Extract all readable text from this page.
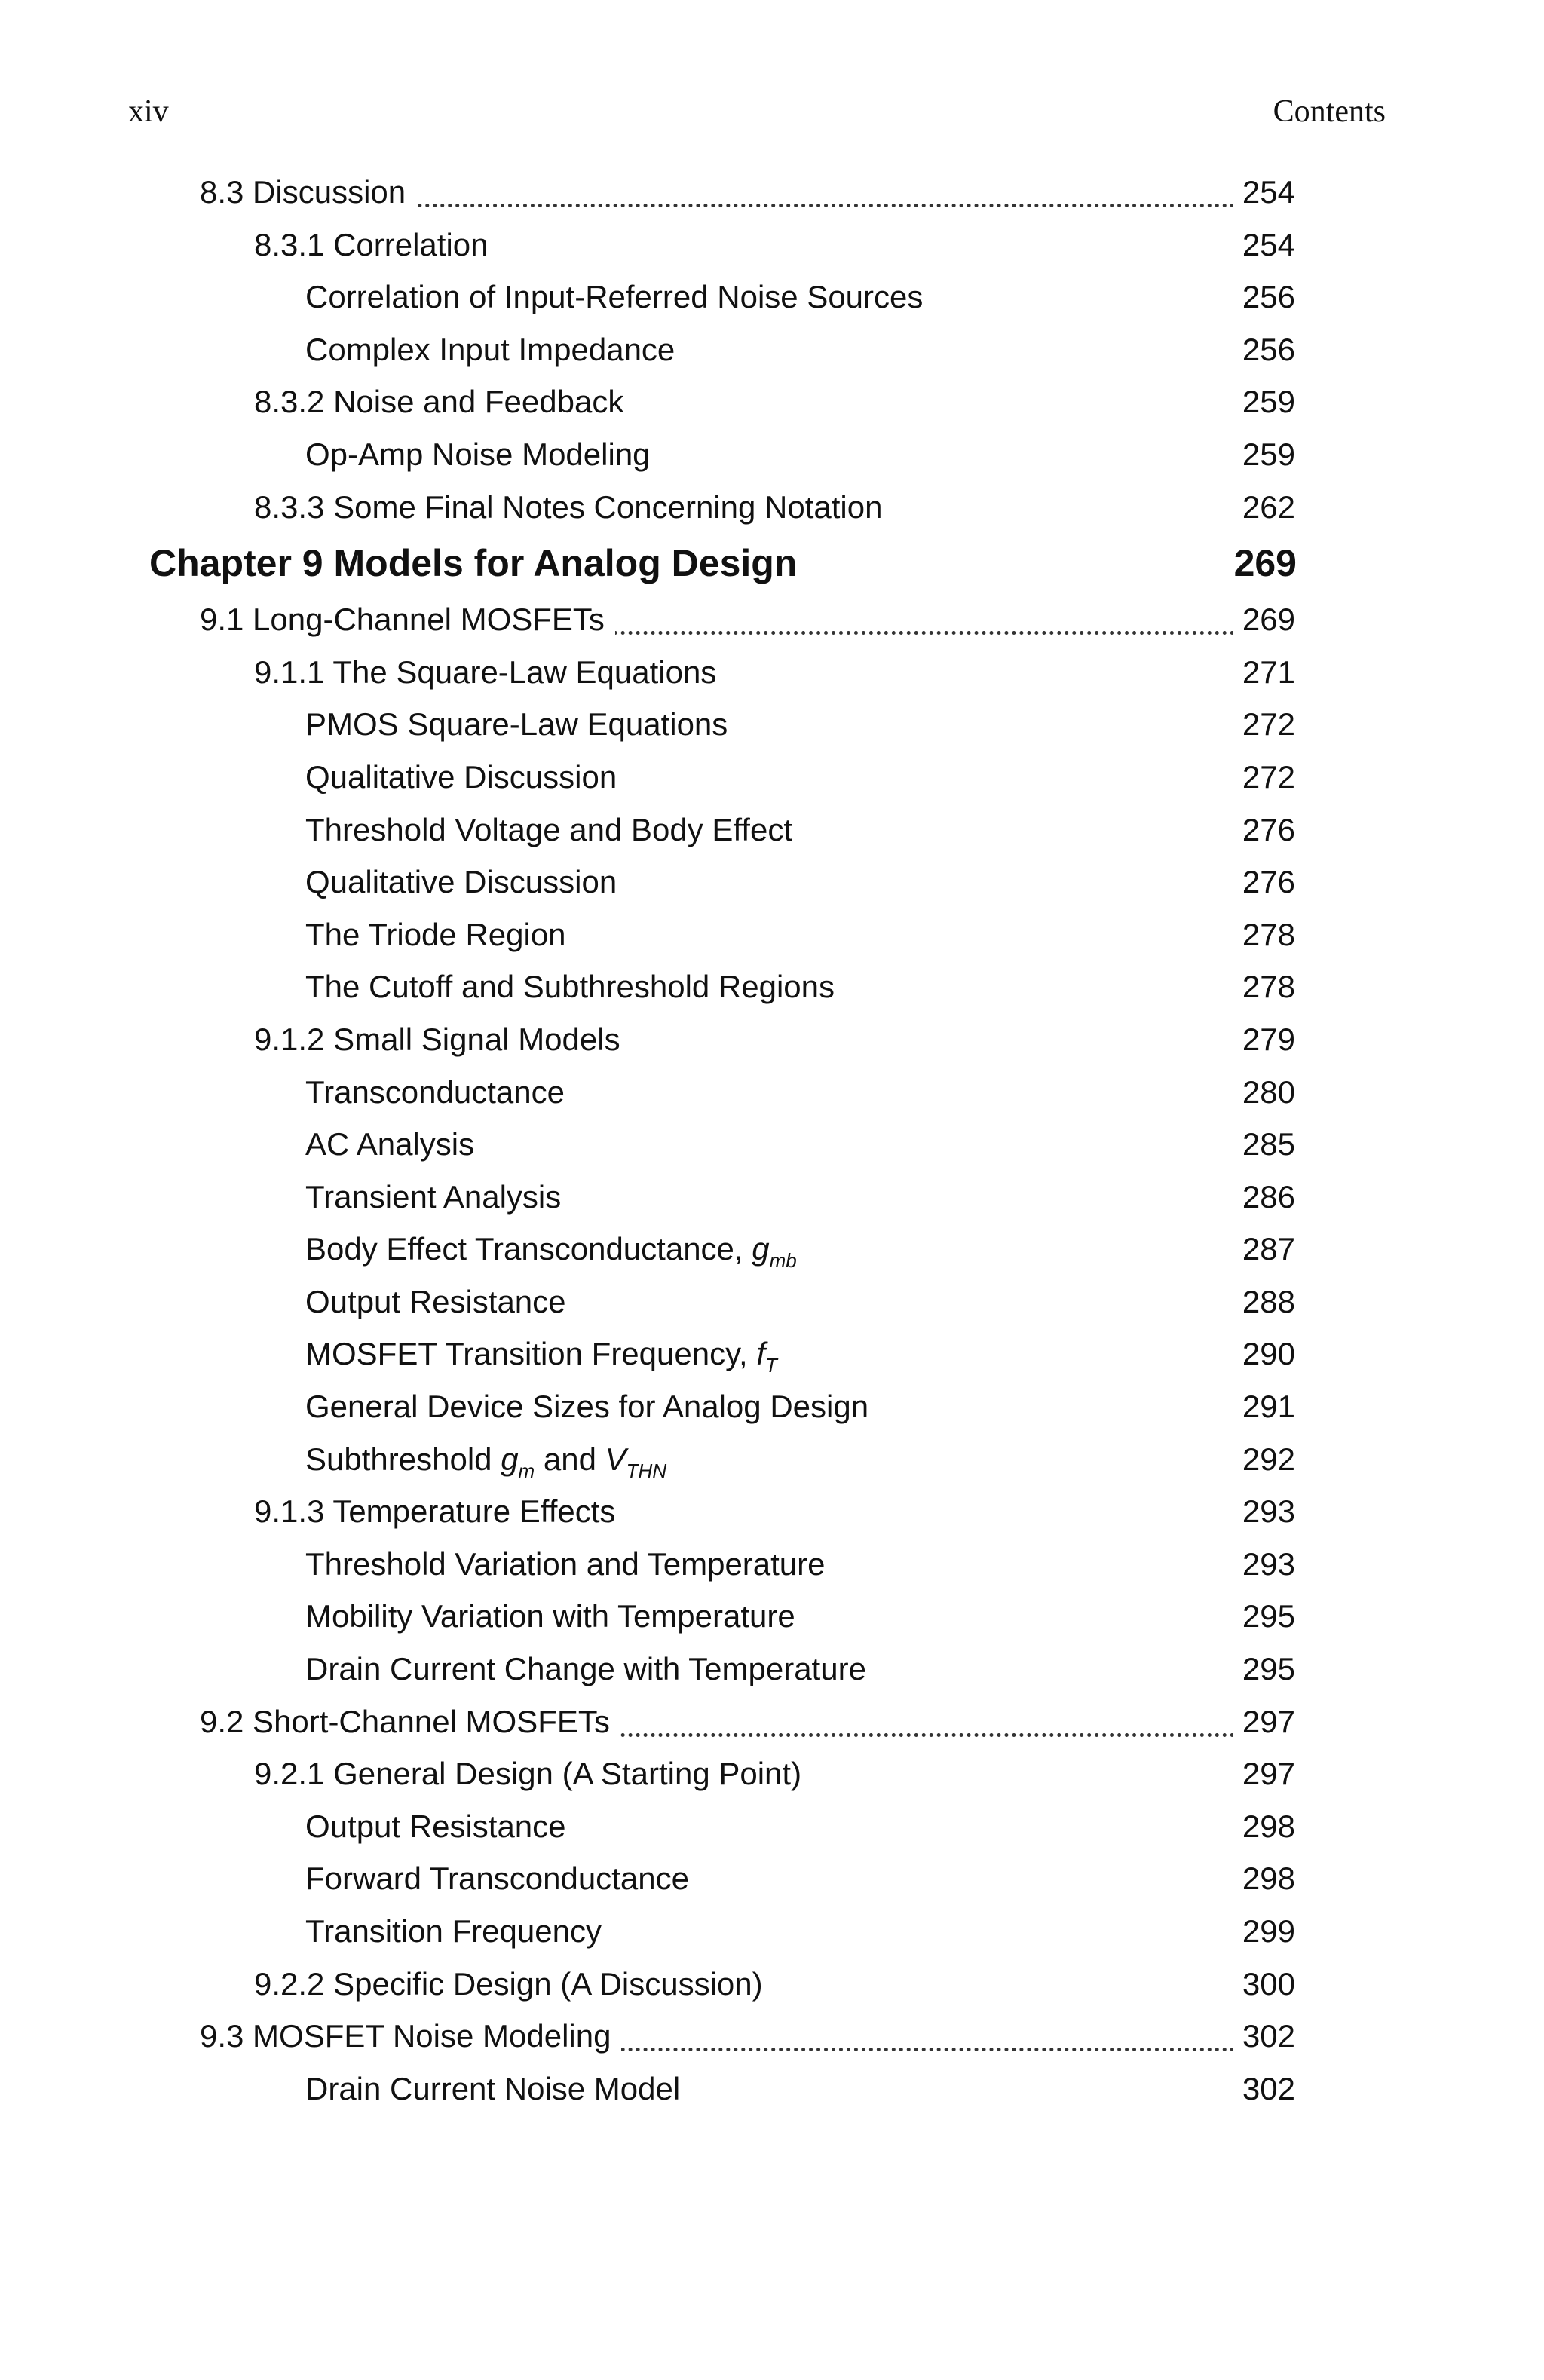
xiv	Contents
8.3 Discussion	254
8.3.1 Correlation	254
Correlation of Input-Referred Noise Sources	256
Complex Input Impedance	256
8.3.2 Noise and Feedback	259
Op-Amp Noise Modeling	259
8.3.3 Some Final Notes Concerning Notation	262
Chapter 9 Models for Analog Design	269
9.1 Long-Channel MOSFETs	269
9.1.1 The Square-Law Equations	271
PMOS Square-Law Equations	272
Qualitative Discussion	272
Threshold Voltage and Body Effect	276
Qualitative Discussion	276
The Triode Region	278
The Cutoff and Subthreshold Regions	278
9.1.2 Small Signal Models	279
Transconductance	280
AC Analysis	285
Transient Analysis	286
Body Effect Transconductance, $g_{mb}$	287
Output Resistance	288
MOSFET Transition Frequency, $f_T$	290
General Device Sizes for Analog Design	291
Subthreshold $g_m$ and $V_{THN}$	292
9.1.3 Temperature Effects	293
Threshold Variation and Temperature	293
Mobility Variation with Temperature	295
Drain Current Change with Temperature	295
9.2 Short-Channel MOSFETs	297
9.2.1 General Design (A Starting Point)	297
Output Resistance	298
Forward Transconductance	298
Transition Frequency	299
9.2.2 Specific Design (A Discussion)	300
9.3 MOSFET Noise Modeling	302
Drain Current Noise Model	302
